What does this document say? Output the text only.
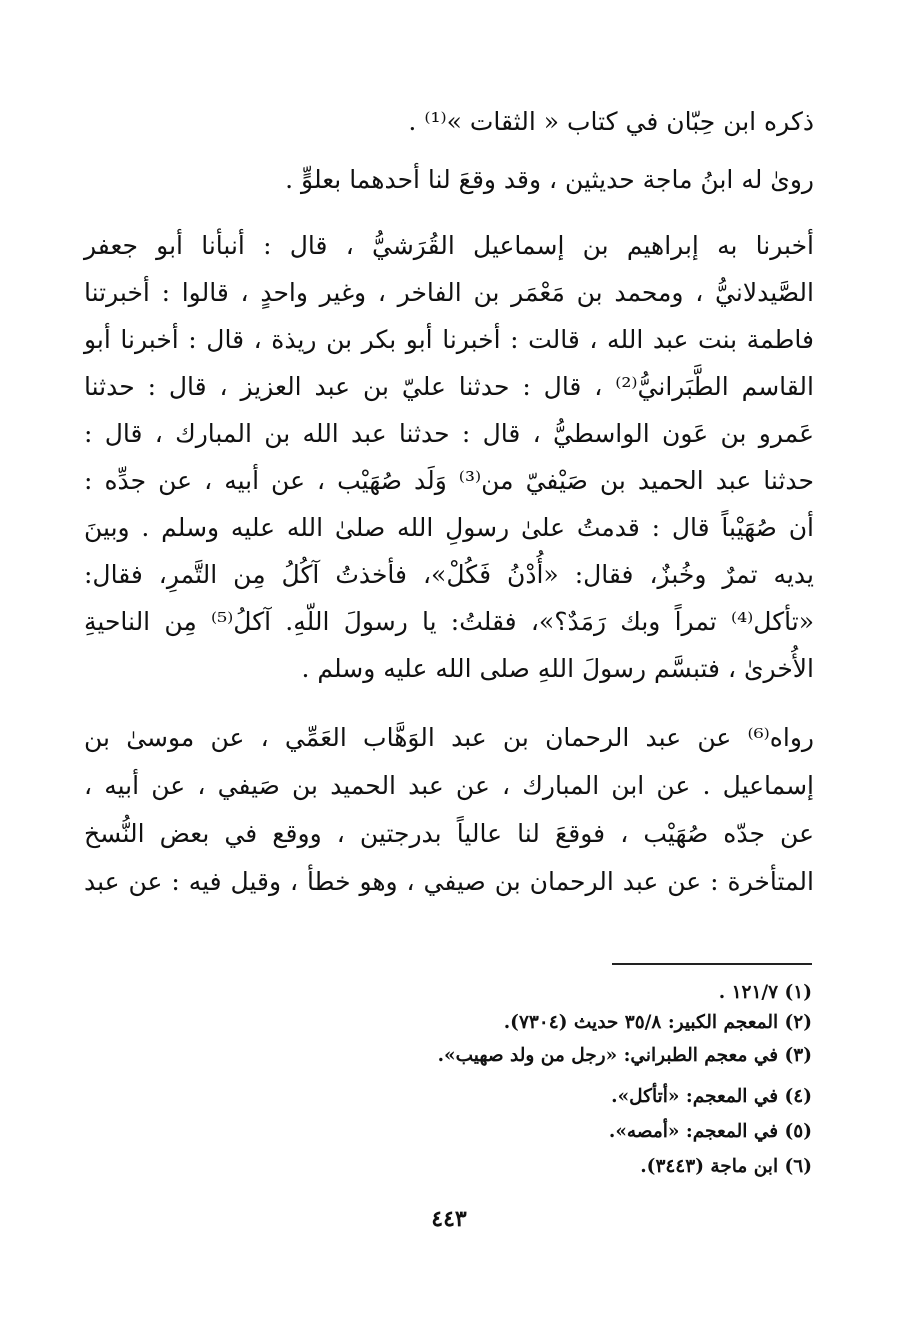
ذكره ابن حِبّان في كتاب « الثقات »⁽¹⁾ .
روىٰ له ابنُ ماجة حديثين ، وقد وقعَ لنا أحدهما بعلوٍّ .
أخبرنا به إبراهيم بن إسماعيل القُرَشيُّ ، قال : أنبأنا أبو جعفر
الصَّيدلانيُّ ، ومحمد بن مَعْمَر بن الفاخر ، وغير واحدٍ ، قالوا : أخبرتنا
فاطمة بنت عبد الله ، قالت : أخبرنا أبو بكر بن ريذة ، قال : أخبرنا أبو
القاسم الطَّبَرانيُّ⁽²⁾ ، قال : حدثنا عليّ بن عبد العزيز ، قال : حدثنا
عَمرو بن عَون الواسطيُّ ، قال : حدثنا عبد الله بن المبارك ، قال :
حدثنا عبد الحميد بن صَيْفيّ من⁽³⁾ وَلَد صُهَيْب ، عن أبيه ، عن جدِّه :
أن صُهَيْباً قال : قدمتُ علىٰ رسولِ الله صلىٰ الله عليه وسلم . وبينَ
يديه تمرٌ وخُبزٌ، فقال: «أُدْنُ فَكُلْ»، فأخذتُ آكُلُ مِن التَّمرِ، فقال:
«تأكل⁽⁴⁾ تمراً وبك رَمَدٌ؟»، فقلتُ: يا رسولَ اللّهِ. آكلُ⁽⁵⁾ مِن الناحيةِ
الأُخرىٰ ، فتبسَّم رسولَ اللهِ صلى الله عليه وسلم .
رواه⁽⁶⁾ عن عبد الرحمان بن عبد الوَهَّاب العَمِّي ، عن موسىٰ بن
إسماعيل . عن ابن المبارك ، عن عبد الحميد بن صَيفي ، عن أبيه ،
عن جدّه صُهَيْب ، فوقعَ لنا عالياً بدرجتين ، ووقع في بعض النُّسخ
المتأخرة : عن عبد الرحمان بن صيفي ، وهو خطأ ، وقيل فيه : عن عبد
(١) ١٢١/٧ .
(٢) المعجم الكبير: ٣٥/٨ حديث (٧٣٠٤).
(٣) في معجم الطبراني: «رجل من ولد صهيب».
(٤) في المعجم: «أتأكل».
(٥) في المعجم: «أمصه».
(٦) ابن ماجة (٣٤٤٣).
٤٤٣
